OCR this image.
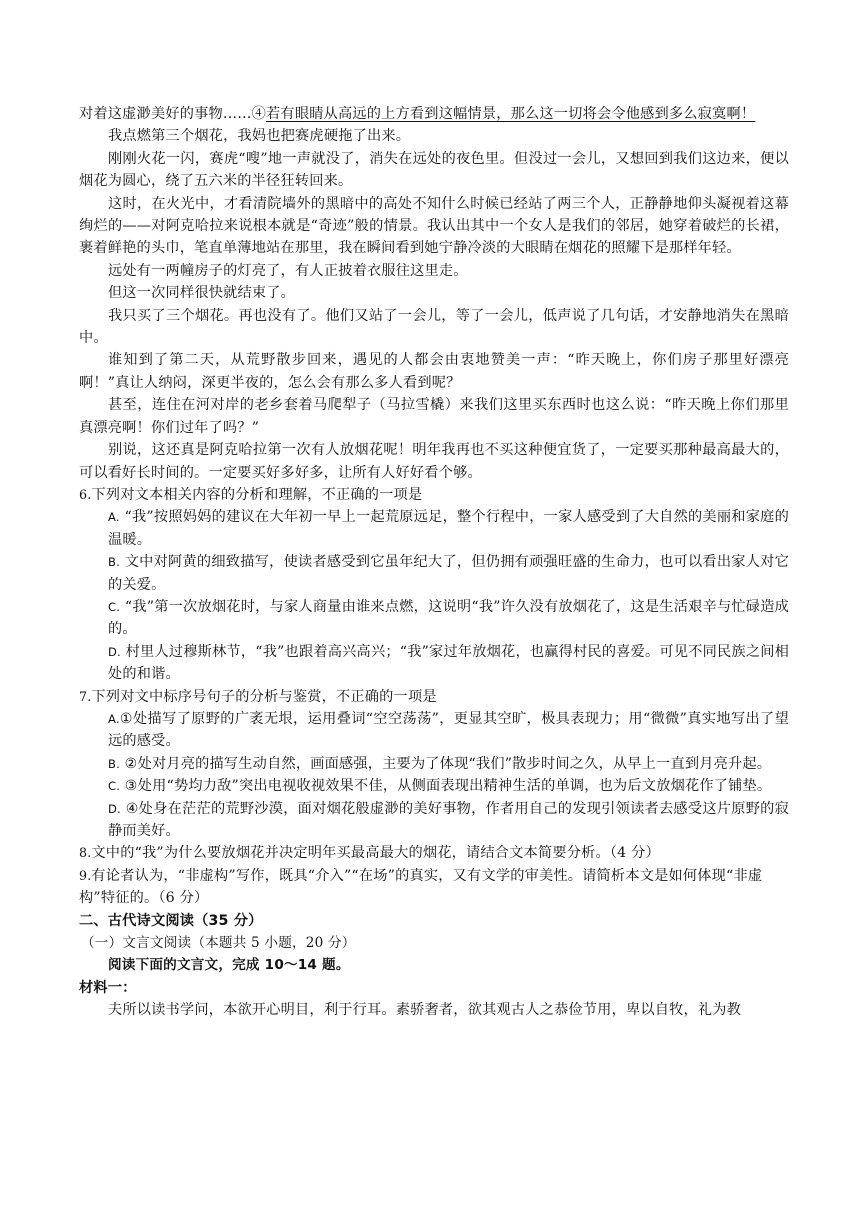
对着这虚渺美好的事物……④若有眼睛从高远的上方看到这幅情景，那么这一切将会令他感到多么寂寞啊！

我点燃第三个烟花，我妈也把赛虎硬拖了出来。

刚刚火花一闪，赛虎“嗖”地一声就没了，消失在远处的夜色里。但没过一会儿，又想回到我们这边来，便以烟花为圆心，绕了五六米的半径狂转回来。

这时，在火光中，才看清院墙外的黑暗中的高处不知什么时候已经站了两三个人，正静静地仰头凝视着这幕绚烂的——对阿克哈拉来说根本就是“奇迹”般的情景。我认出其中一个女人是我们的邻居，她穿着破烂的长裙，裹着鲜艳的头巾，笔直单薄地站在那里，我在瞬间看到她宁静冷淡的大眼睛在烟花的照耀下是那样年轻。

远处有一两幢房子的灯亮了，有人正披着衣服往这里走。

但这一次同样很快就结束了。

我只买了三个烟花。再也没有了。他们又站了一会儿，等了一会儿，低声说了几句话，才安静地消失在黑暗中。

谁知到了第二天，从荒野散步回来，遇见的人都会由衷地赞美一声：“昨天晚上，你们房子那里好漂亮啊！”真让人纳闷，深更半夜的，怎么会有那么多人看到呢？

甚至，连住在河对岸的老乡套着马爬犁子（马拉雪橇）来我们这里买东西时也这么说：“昨天晚上你们那里真漂亮啊！你们过年了吗？”

别说，这还真是阿克哈拉第一次有人放烟花呢！明年我再也不买这种便宜货了，一定要买那种最高最大的，可以看好长时间的。一定要买好多好多，让所有人好好看个够。

6.下列对文本相关内容的分析和理解，不正确的一项是

A. “我”按照妈妈的建议在大年初一早上一起荒原远足，整个行程中，一家人感受到了大自然的美丽和家庭的温暖。

B. 文中对阿黄的细致描写，使读者感受到它虽年纪大了，但仍拥有顽强旺盛的生命力，也可以看出家人对它的关爱。

C. “我”第一次放烟花时，与家人商量由谁来点燃，这说明“我”许久没有放烟花了，这是生活艰辛与忙碌造成的。

D. 村里人过穆斯林节，“我”也跟着高兴高兴；“我”家过年放烟花，也赢得村民的喜爱。可见不同民族之间相处的和谐。

7.下列对文中标序号句子的分析与鉴赏，不正确的一项是

A.①处描写了原野的广袤无垠，运用叠词“空空荡荡”，更显其空旷，极具表现力；用“微微”真实地写出了望远的感受。

B. ②处对月亮的描写生动自然，画面感强，主要为了体现“我们”散步时间之久，从早上一直到月亮升起。

C. ③处用“势均力敌”突出电视收视效果不佳，从侧面表现出精神生活的单调，也为后文放烟花作了铺垫。

D. ④处身在茫茫的荒野沙漠，面对烟花般虚渺的美好事物，作者用自己的发现引领读者去感受这片原野的寂静而美好。

8.文中的“我”为什么要放烟花并决定明年买最高最大的烟花，请结合文本简要分析。（4 分）

9.有论者认为，“非虚构”写作，既具“介入”“在场”的真实，又有文学的审美性。请简析本文是如何体现“非虚构”特征的。（6 分）

二、古代诗文阅读（35 分）

（一）文言文阅读（本题共 5 小题，20 分）

阅读下面的文言文，完成 10～14 题。

材料一：

夫所以读书学问，本欲开心明目，利于行耳。素骄奢者，欲其观古人之恭俭节用，卑以自牧，礼为教
